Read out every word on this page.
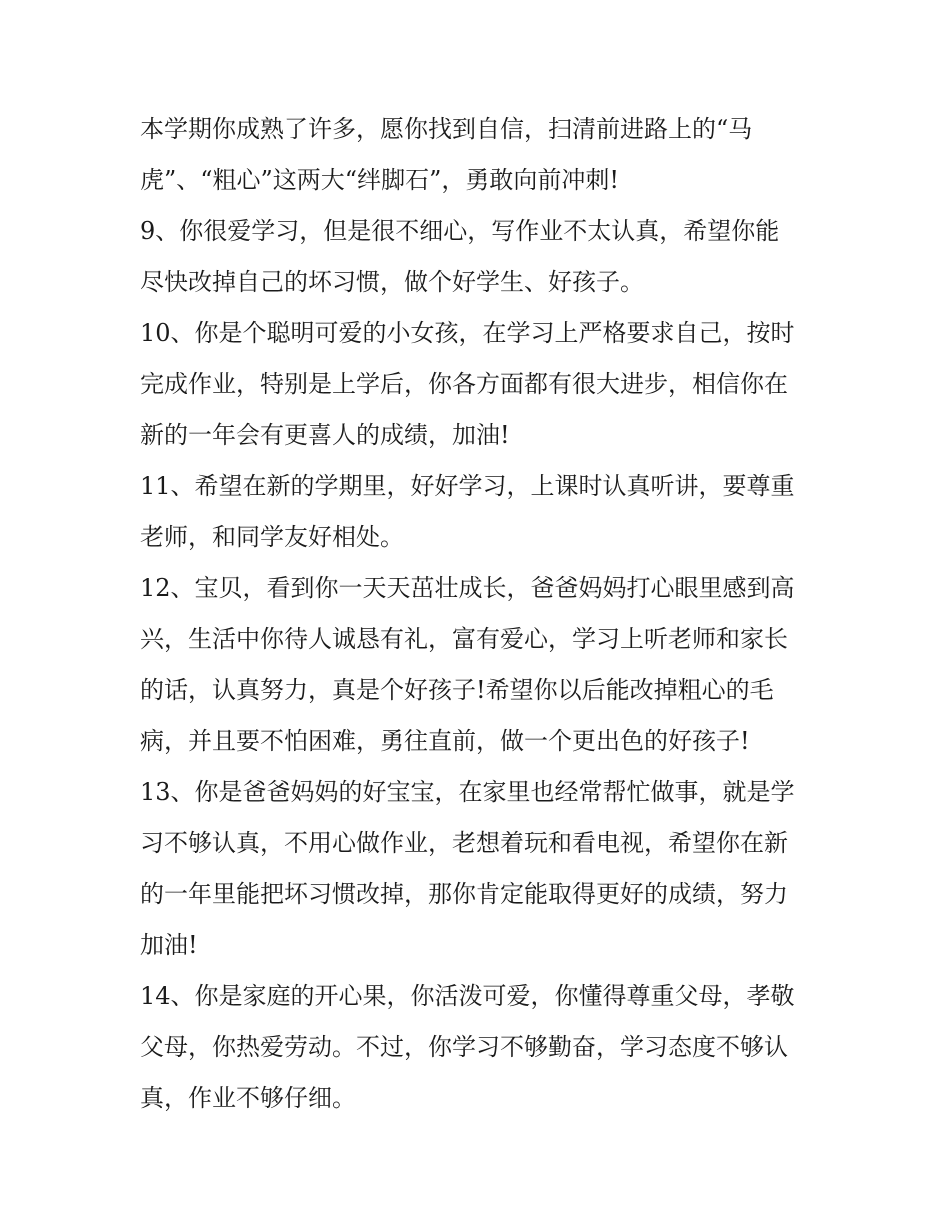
本学期你成熟了许多，愿你找到自信，扫清前进路上的“马
虎”、“粗心”这两大“绊脚石”，勇敢向前冲刺!
9、你很爱学习，但是很不细心，写作业不太认真，希望你能
尽快改掉自己的坏习惯，做个好学生、好孩子。
10、你是个聪明可爱的小女孩，在学习上严格要求自己，按时
完成作业，特别是上学后，你各方面都有很大进步，相信你在
新的一年会有更喜人的成绩，加油!
11、希望在新的学期里，好好学习，上课时认真听讲，要尊重
老师，和同学友好相处。
12、宝贝，看到你一天天茁壮成长，爸爸妈妈打心眼里感到高
兴，生活中你待人诚恳有礼，富有爱心，学习上听老师和家长
的话，认真努力，真是个好孩子!希望你以后能改掉粗心的毛
病，并且要不怕困难，勇往直前，做一个更出色的好孩子!
13、你是爸爸妈妈的好宝宝，在家里也经常帮忙做事，就是学
习不够认真，不用心做作业，老想着玩和看电视，希望你在新
的一年里能把坏习惯改掉，那你肯定能取得更好的成绩，努力
加油!
14、你是家庭的开心果，你活泼可爱，你懂得尊重父母，孝敬
父母，你热爱劳动。不过，你学习不够勤奋，学习态度不够认
真，作业不够仔细。
